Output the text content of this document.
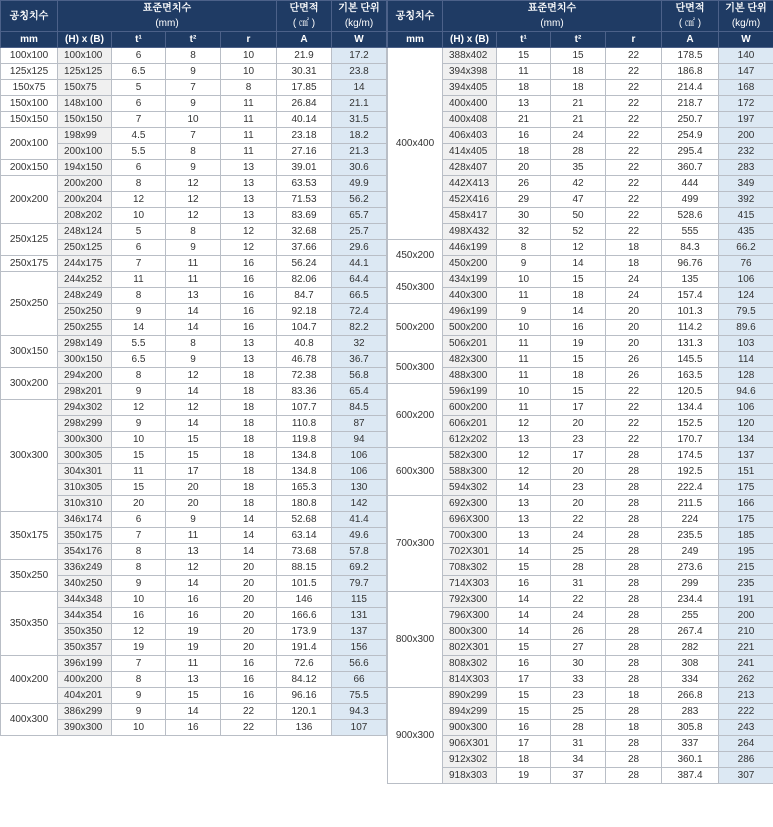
공칭치수	표준면치수				단면적	기본 단위
	(mm)				( ㎠ )	(kg/m)
mm	(H) x (B)	t¹	t²	r	A	W
100x100	100x100	6	8	10	21.9	17.2
125x125	125x125	6.5	9	10	30.31	23.8
150x75	150x75	5	7	8	17.85	14
150x100	148x100	6	9	11	26.84	21.1
150x150	150x150	7	10	11	40.14	31.5
200x100	198x99	4.5	7	11	23.18	18.2
	200x100	5.5	8	11	27.16	21.3
200x150	194x150	6	9	13	39.01	30.6
200x200	200x200	8	12	13	63.53	49.9
	200x204	12	12	13	71.53	56.2
	208x202	10	12	13	83.69	65.7
250x125	248x124	5	8	12	32.68	25.7
	250x125	6	9	12	37.66	29.6
250x175	244x175	7	11	16	56.24	44.1
250x250	244x252	11	11	16	82.06	64.4
	248x249	8	13	16	84.7	66.5
	250x250	9	14	16	92.18	72.4
	250x255	14	14	16	104.7	82.2
300x150	298x149	5.5	8	13	40.8	32
	300x150	6.5	9	13	46.78	36.7
300x200	294x200	8	12	18	72.38	56.8
	298x201	9	14	18	83.36	65.4
300x300	294x302	12	12	18	107.7	84.5
	298x299	9	14	18	110.8	87
	300x300	10	15	18	119.8	94
	300x305	15	15	18	134.8	106
	304x301	11	17	18	134.8	106
	310x305	15	20	18	165.3	130
	310x310	20	20	18	180.8	142
350x175	346x174	6	9	14	52.68	41.4
	350x175	7	11	14	63.14	49.6
	354x176	8	13	14	73.68	57.8
350x250	336x249	8	12	20	88.15	69.2
	340x250	9	14	20	101.5	79.7
350x350	344x348	10	16	20	146	115
	344x354	16	16	20	166.6	131
	350x350	12	19	20	173.9	137
	350x357	19	19	20	191.4	156
400x200	396x199	7	11	16	72.6	56.6
	400x200	8	13	16	84.12	66
	404x201	9	15	16	96.16	75.5
400x300	386x299	9	14	22	120.1	94.3
	390x300	10	16	22	136	107
공칭치수	표준면치수				단면적	기본 단위
	(mm)				( ㎠ )	(kg/m)
mm	(H) x (B)	t¹	t²	r	A	W
400x400	388x402	15	15	22	178.5	140
	394x398	11	18	22	186.8	147
	394x405	18	18	22	214.4	168
	400x400	13	21	22	218.7	172
	400x408	21	21	22	250.7	197
	406x403	16	24	22	254.9	200
	414x405	18	28	22	295.4	232
	428x407	20	35	22	360.7	283
	442X413	26	42	22	444	349
	452X416	29	47	22	499	392
	458x417	30	50	22	528.6	415
	498X432	32	52	22	555	435
450x200	446x199	8	12	18	84.3	66.2
	450x200	9	14	18	96.76	76
450x300	434x199	10	15	24	135	106
	440x300	11	18	24	157.4	124
500x200	496x199	9	14	20	101.3	79.5
	500x200	10	16	20	114.2	89.6
	506x201	11	19	20	131.3	103
500x300	482x300	11	15	26	145.5	114
	488x300	11	18	26	163.5	128
600x200	596x199	10	15	22	120.5	94.6
	600x200	11	17	22	134.4	106
	606x201	12	20	22	152.5	120
	612x202	13	23	22	170.7	134
600x300	582x300	12	17	28	174.5	137
	588x300	12	20	28	192.5	151
	594x302	14	23	28	222.4	175
700x300	692x300	13	20	28	211.5	166
	696X300	13	22	28	224	175
	700x300	13	24	28	235.5	185
	702X301	14	25	28	249	195
	708x302	15	28	28	273.6	215
	714X303	16	31	28	299	235
800x300	792x300	14	22	28	234.4	191
	796X300	14	24	28	255	200
	800x300	14	26	28	267.4	210
	802X301	15	27	28	282	221
	808x302	16	30	28	308	241
	814X303	17	33	28	334	262
900x300	890x299	15	23	18	266.8	213
	894x299	15	25	28	283	222
	900x300	16	28	18	305.8	243
	906X301	17	31	28	337	264
	912x302	18	34	28	360.1	286
	918x303	19	37	28	387.4	307
